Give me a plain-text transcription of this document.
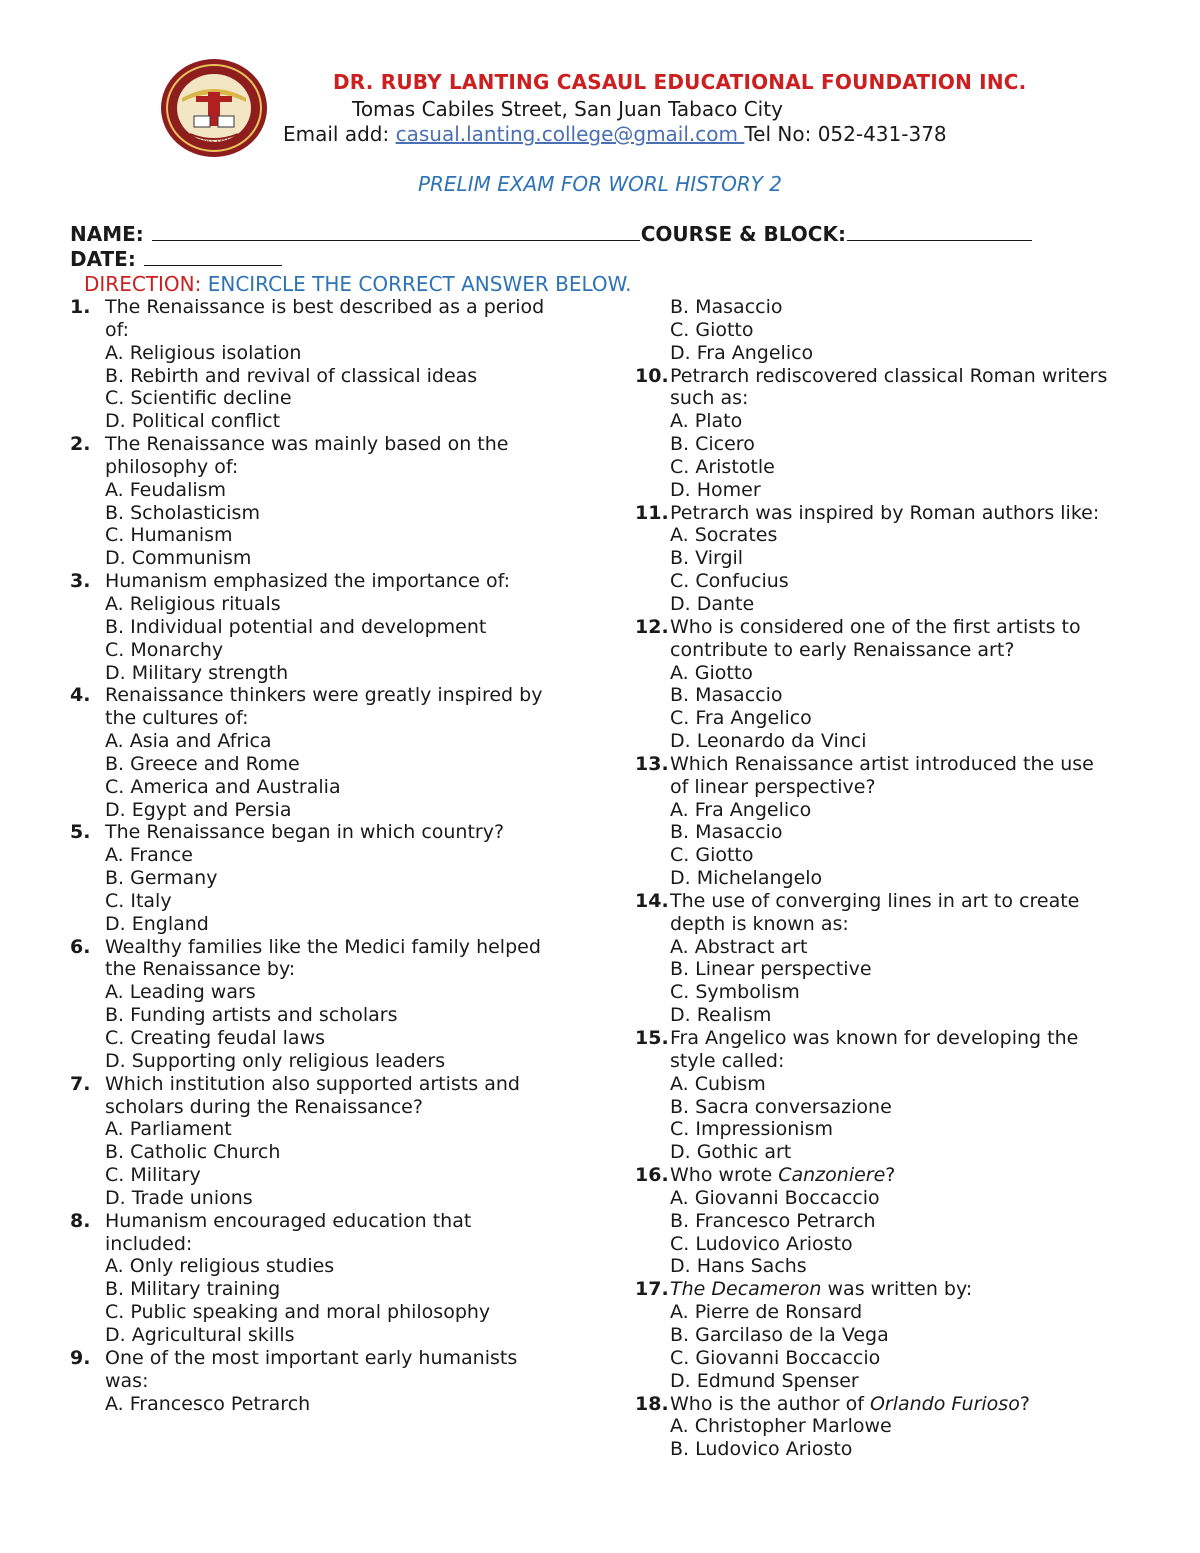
SINCE 1987
DR. RUBY LANTING CASAUL EDUCATIONAL FOUNDATION INC.
Tomas Cabiles Street, San Juan Tabaco City
Email add: casual.lanting.college@gmail.com Tel No: 052-431-378
PRELIM EXAM FOR WORL HISTORY 2
NAME:	COURSE & BLOCK:
DATE:
DIRECTION: ENCIRCLE THE CORRECT ANSWER BELOW.
1. The Renaissance is best described as a period
of:
A. Religious isolation
B. Rebirth and revival of classical ideas
C. Scientific decline
D. Political conflict
2. The Renaissance was mainly based on the
philosophy of:
A. Feudalism
B. Scholasticism
C. Humanism
D. Communism
3. Humanism emphasized the importance of:
A. Religious rituals
B. Individual potential and development
C. Monarchy
D. Military strength
4. Renaissance thinkers were greatly inspired by
the cultures of:
A. Asia and Africa
B. Greece and Rome
C. America and Australia
D. Egypt and Persia
5. The Renaissance began in which country?
A. France
B. Germany
C. Italy
D. England
6. Wealthy families like the Medici family helped
the Renaissance by:
A. Leading wars
B. Funding artists and scholars
C. Creating feudal laws
D. Supporting only religious leaders
7. Which institution also supported artists and
scholars during the Renaissance?
A. Parliament
B. Catholic Church
C. Military
D. Trade unions
8. Humanism encouraged education that
included:
A. Only religious studies
B. Military training
C. Public speaking and moral philosophy
D. Agricultural skills
9. One of the most important early humanists
was:
A. Francesco Petrarch
B. Masaccio
C. Giotto
D. Fra Angelico
10. Petrarch rediscovered classical Roman writers
such as:
A. Plato
B. Cicero
C. Aristotle
D. Homer
11. Petrarch was inspired by Roman authors like:
A. Socrates
B. Virgil
C. Confucius
D. Dante
12. Who is considered one of the first artists to
contribute to early Renaissance art?
A. Giotto
B. Masaccio
C. Fra Angelico
D. Leonardo da Vinci
13. Which Renaissance artist introduced the use
of linear perspective?
A. Fra Angelico
B. Masaccio
C. Giotto
D. Michelangelo
14. The use of converging lines in art to create
depth is known as:
A. Abstract art
B. Linear perspective
C. Symbolism
D. Realism
15. Fra Angelico was known for developing the
style called:
A. Cubism
B. Sacra conversazione
C. Impressionism
D. Gothic art
16. Who wrote Canzoniere?
A. Giovanni Boccaccio
B. Francesco Petrarch
C. Ludovico Ariosto
D. Hans Sachs
17. The Decameron was written by:
A. Pierre de Ronsard
B. Garcilaso de la Vega
C. Giovanni Boccaccio
D. Edmund Spenser
18. Who is the author of Orlando Furioso?
A. Christopher Marlowe
B. Ludovico Ariosto
